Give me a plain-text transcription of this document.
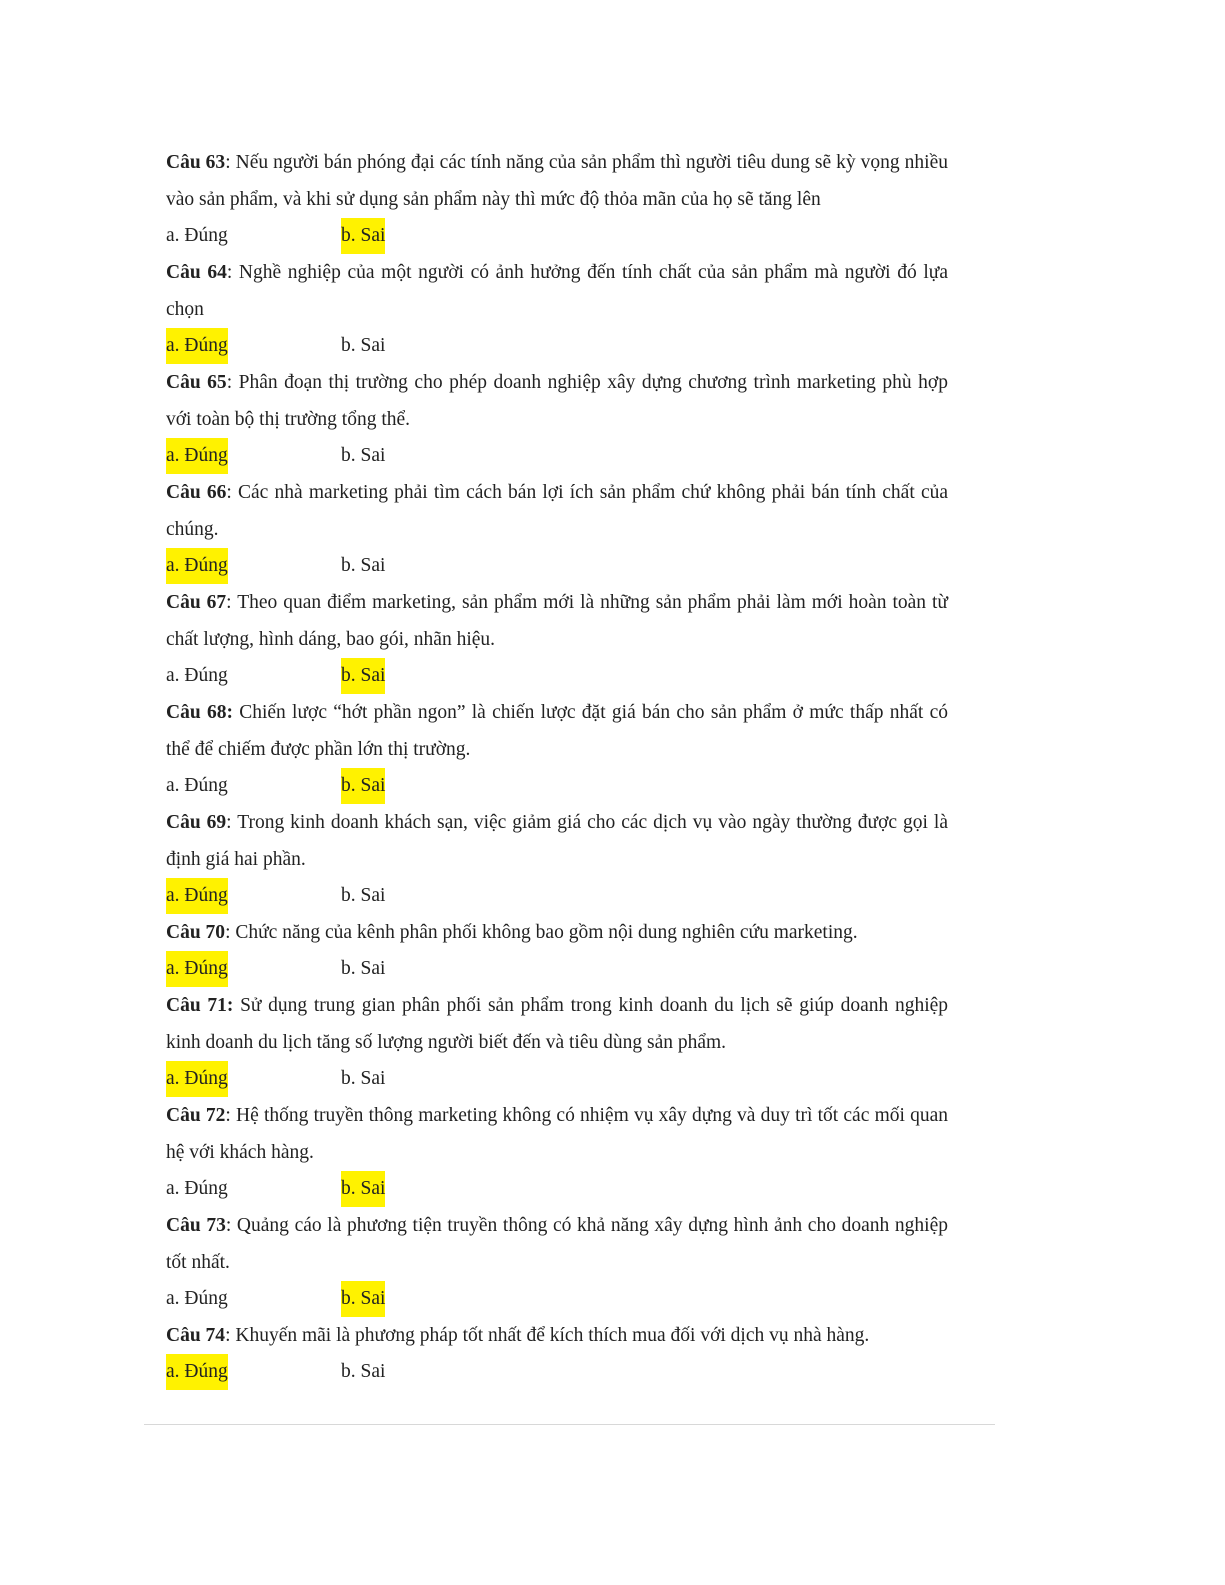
Câu 63: Nếu người bán phóng đại các tính năng của sản phẩm thì người tiêu dung sẽ kỳ vọng nhiều vào sản phẩm, và khi sử dụng sản phẩm này thì mức độ thỏa mãn của họ sẽ tăng lên

a. Đúng	b. Sai

Câu 64: Nghề nghiệp của một người có ảnh hưởng đến tính chất của sản phẩm mà người đó lựa chọn

a. Đúng	b. Sai

Câu 65: Phân đoạn thị trường cho phép doanh nghiệp xây dựng chương trình marketing phù hợp với toàn bộ thị trường tổng thể.

a. Đúng	b. Sai

Câu 66: Các nhà marketing phải tìm cách bán lợi ích sản phẩm chứ không phải bán tính chất của chúng.

a. Đúng	b. Sai

Câu 67: Theo quan điểm marketing, sản phẩm mới là những sản phẩm phải làm mới hoàn toàn từ chất lượng, hình dáng, bao gói, nhãn hiệu.

a. Đúng	b. Sai

Câu 68: Chiến lược “hớt phần ngon” là chiến lược đặt giá bán cho sản phẩm ở mức thấp nhất có thể để chiếm được phần lớn thị trường.

a. Đúng	b. Sai

Câu 69: Trong kinh doanh khách sạn, việc giảm giá cho các dịch vụ vào ngày thường được gọi là định giá hai phần.

a. Đúng	b. Sai

Câu 70: Chức năng của kênh phân phối không bao gồm nội dung nghiên cứu marketing.

a. Đúng	b. Sai

Câu 71: Sử dụng trung gian phân phối sản phẩm trong kinh doanh du lịch sẽ giúp doanh nghiệp kinh doanh du lịch tăng số lượng người biết đến và tiêu dùng sản phẩm.

a. Đúng	b. Sai

Câu 72: Hệ thống truyền thông marketing không có nhiệm vụ xây dựng và duy trì tốt các mối quan hệ với khách hàng.

a. Đúng	b. Sai

Câu 73: Quảng cáo là phương tiện truyền thông có khả năng xây dựng hình ảnh cho doanh nghiệp tốt nhất.

a. Đúng	b. Sai

Câu 74: Khuyến mãi là phương pháp tốt nhất để kích thích mua đối với dịch vụ nhà hàng.

a. Đúng	b. Sai
